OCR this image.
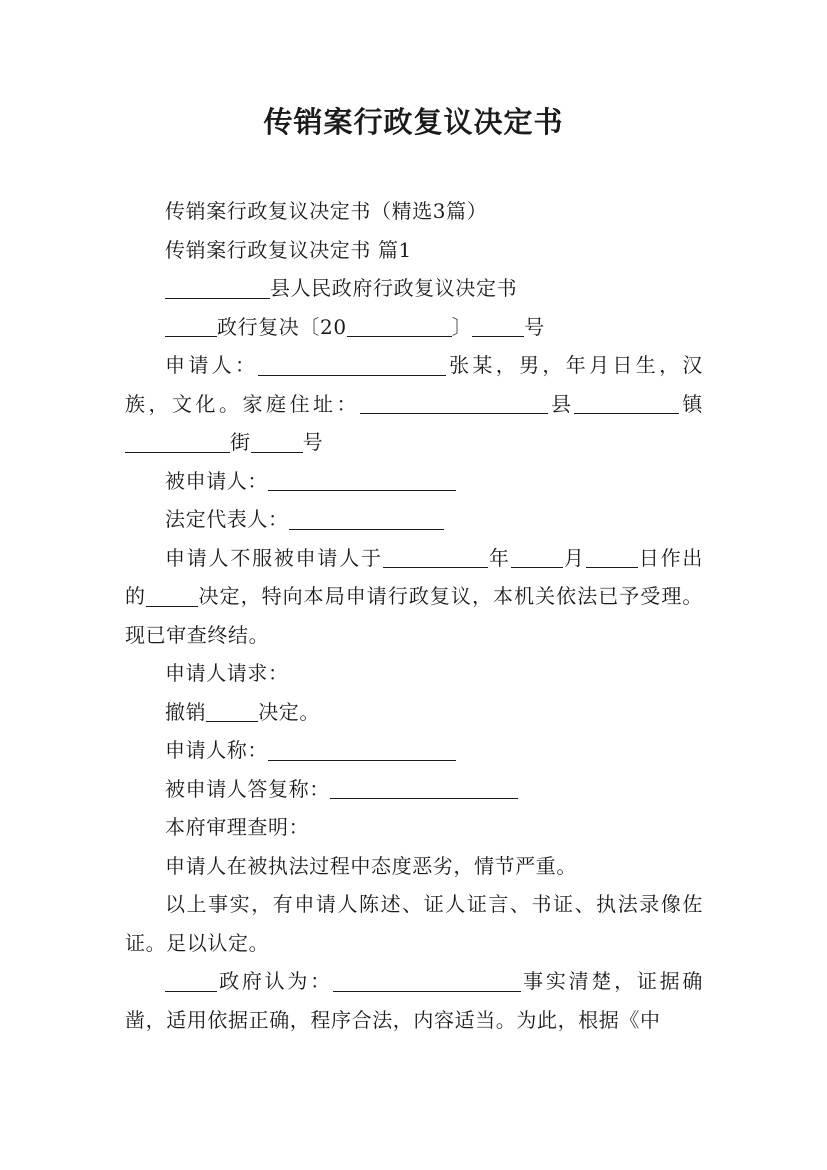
传销案行政复议决定书

传销案行政复议决定书（精选3篇）

传销案行政复议决定书 篇1

县人民政府行政复议决定书

政行复决〔20	〕	号

申请人：	张某，男，年月日生，汉族，文化。家庭住址：	县	镇街	号

被申请人：

法定代表人：

申请人不服被申请人于	年	月	日作出的	决定，特向本局申请行政复议，本机关依法已予受理。现已审查终结。

申请人请求：

撤销	决定。

申请人称：

被申请人答复称：

本府审理查明：

申请人在被执法过程中态度恶劣，情节严重。

以上事实，有申请人陈述、证人证言、书证、执法录像佐证。足以认定。

政府认为：	事实清楚，证据确凿，适用依据正确，程序合法，内容适当。为此，根据《中
